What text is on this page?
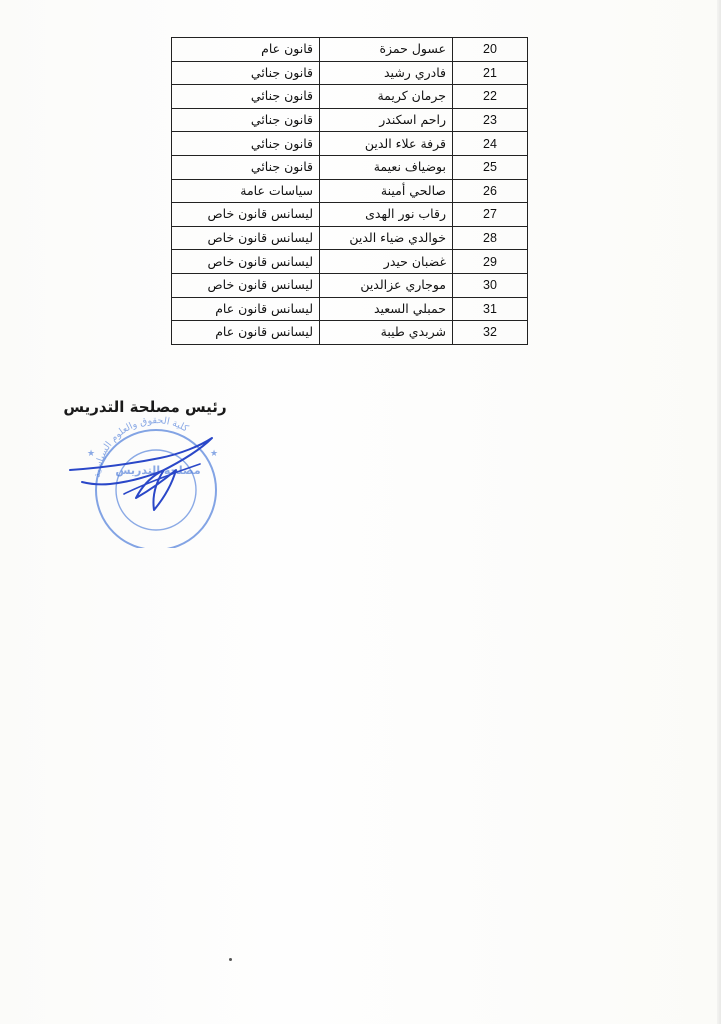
20	عسول حمزة	قانون عام
21	فادري رشيد	قانون جنائي
22	جرمان كريمة	قانون جنائي
23	راحم اسكندر	قانون جنائي
24	قرفة علاء الدين	قانون جنائي
25	بوضياف نعيمة	قانون جنائي
26	صالحي أمينة	سياسات عامة
27	رقاب نور الهدى	ليسانس قانون خاص
28	خوالدي ضياء الدين	ليسانس قانون خاص
29	غضبان حيدر	ليسانس قانون خاص
30	موجاري عزالدين	ليسانس قانون خاص
31	حمبلي السعيد	ليسانس قانون عام
32	شربدي طيبة	ليسانس قانون عام
كلية الحقوق والعلوم السياسية
مصلحة التدريس
★	★
رئيس مصلحة التدريس
